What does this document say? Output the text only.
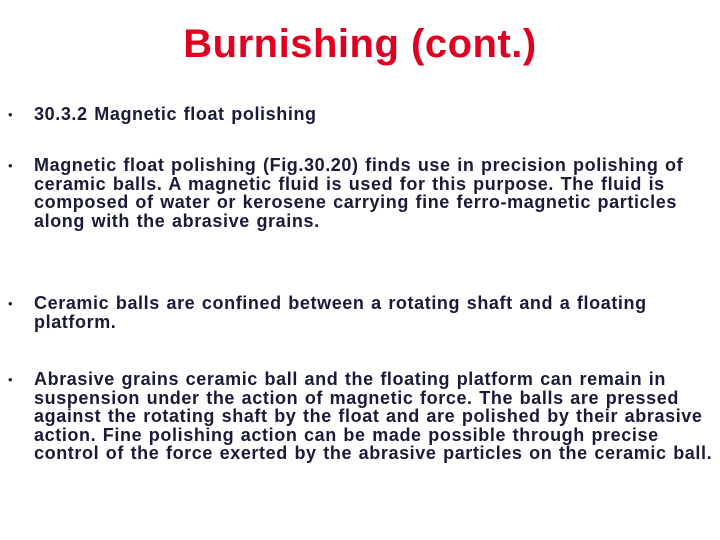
Burnishing (cont.)
• 30.3.2 Magnetic float polishing
• Magnetic float polishing (Fig.30.20) finds use in precision polishing of ceramic balls. A magnetic fluid is used for this purpose. The fluid is composed of water or kerosene carrying fine ferro-magnetic particles along with the abrasive grains.
• Ceramic balls are confined between a rotating shaft and a floating platform.
• Abrasive grains ceramic ball and the floating platform can remain in suspension under the action of magnetic force. The balls are pressed against the rotating shaft by the float and are polished by their abrasive action. Fine polishing action can be made possible through precise control of the force exerted by the abrasive particles on the ceramic ball.
